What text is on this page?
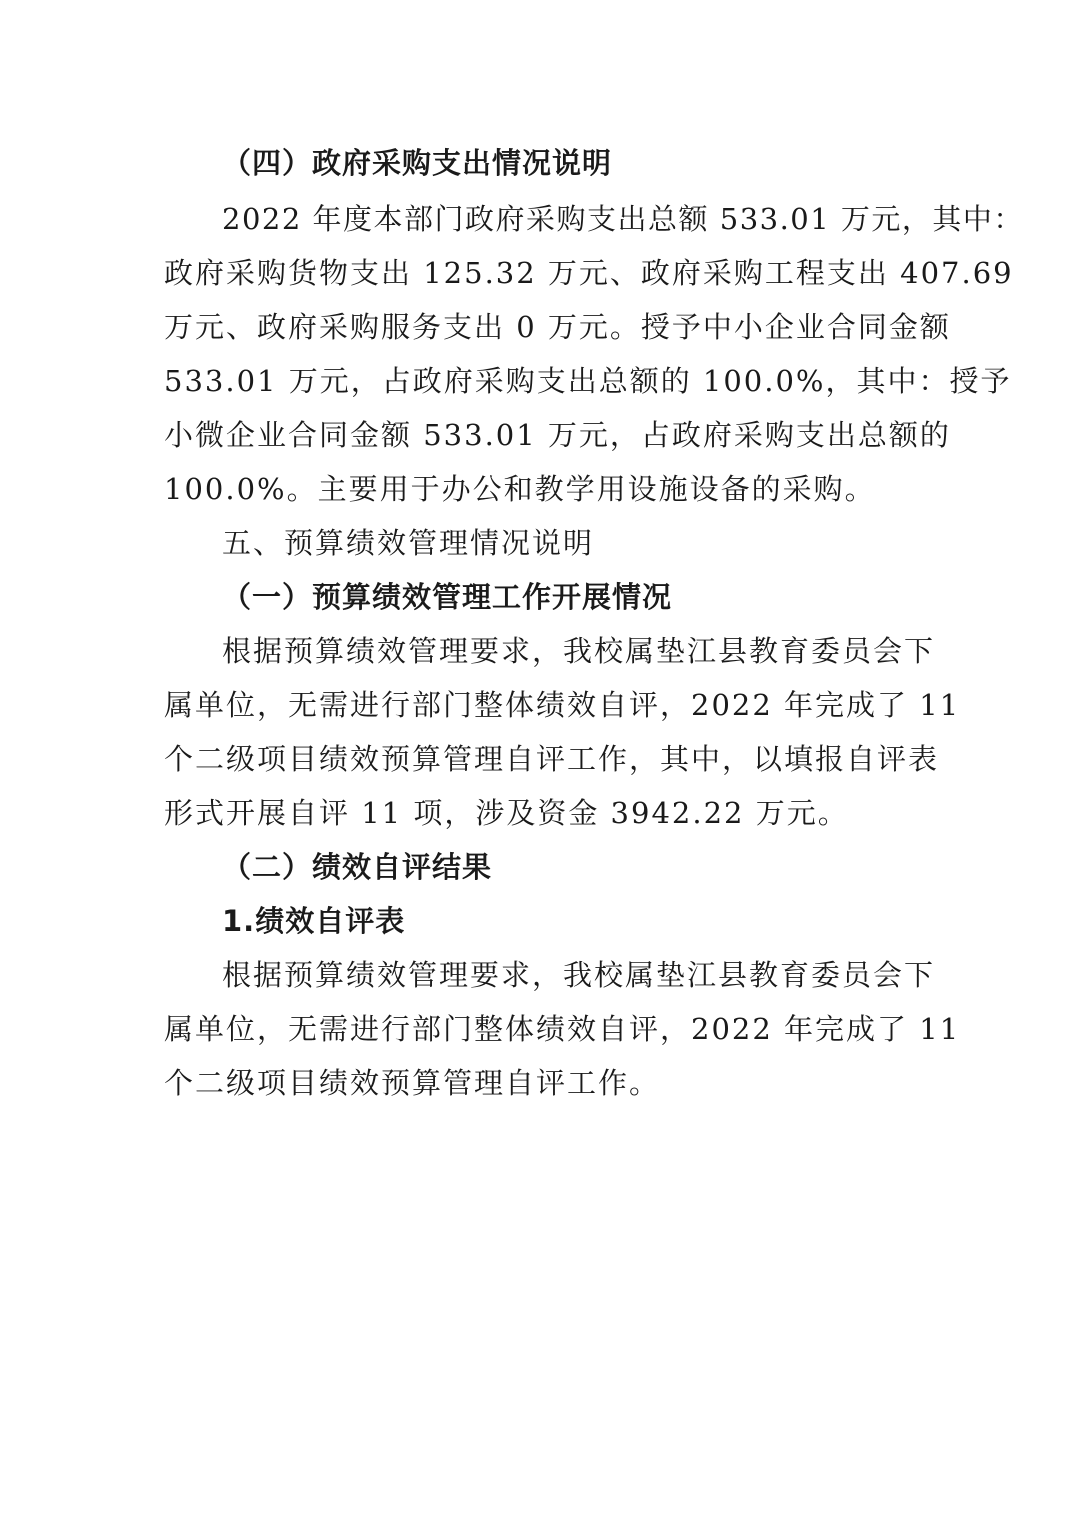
（四）政府采购支出情况说明
2022 年度本部门政府采购支出总额 533.01 万元，其中：
政府采购货物支出 125.32 万元、政府采购工程支出 407.69
万元、政府采购服务支出 0 万元。授予中小企业合同金额
533.01 万元，占政府采购支出总额的 100.0%，其中：授予
小微企业合同金额 533.01 万元，占政府采购支出总额的
100.0%。主要用于办公和教学用设施设备的采购。
五、预算绩效管理情况说明
（一）预算绩效管理工作开展情况
根据预算绩效管理要求，我校属垫江县教育委员会下
属单位，无需进行部门整体绩效自评，2022 年完成了 11
个二级项目绩效预算管理自评工作，其中，以填报自评表
形式开展自评 11 项，涉及资金 3942.22 万元。
（二）绩效自评结果
1.绩效自评表
根据预算绩效管理要求，我校属垫江县教育委员会下
属单位，无需进行部门整体绩效自评，2022 年完成了 11
个二级项目绩效预算管理自评工作。
